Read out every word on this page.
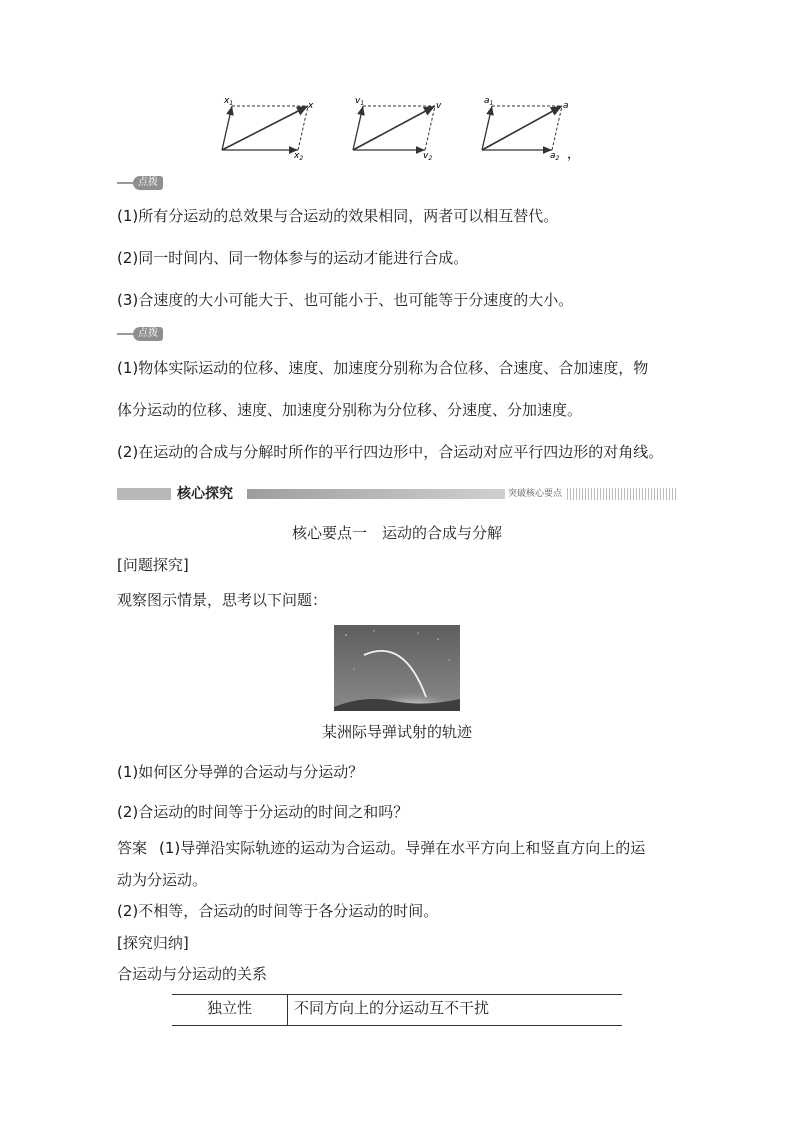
$x_1$	x
$x_2$
$v_1$	v
$v_2$
$a_1$	a
$a_2$ ，
点拨
(1)所有分运动的总效果与合运动的效果相同，两者可以相互替代。
(2)同一时间内、同一物体参与的运动才能进行合成。
(3)合速度的大小可能大于、也可能小于、也可能等于分速度的大小。
点拨
(1)物体实际运动的位移、速度、加速度分别称为合位移、合速度、合加速度，物
体分运动的位移、速度、加速度分别称为分位移、分速度、分加速度。
(2)在运动的合成与分解时所作的平行四边形中，合运动对应平行四边形的对角线。
核心探究	突破核心要点
核心要点一　运动的合成与分解
[问题探究]
观察图示情景，思考以下问题：
某洲际导弹试射的轨迹
(1)如何区分导弹的合运动与分运动？
(2)合运动的时间等于分运动的时间之和吗？
答案 (1)导弹沿实际轨迹的运动为合运动。导弹在水平方向上和竖直方向上的运
动为分运动。
(2)不相等，合运动的时间等于各分运动的时间。
[探究归纳]
合运动与分运动的关系
独立性	不同方向上的分运动互不干扰
